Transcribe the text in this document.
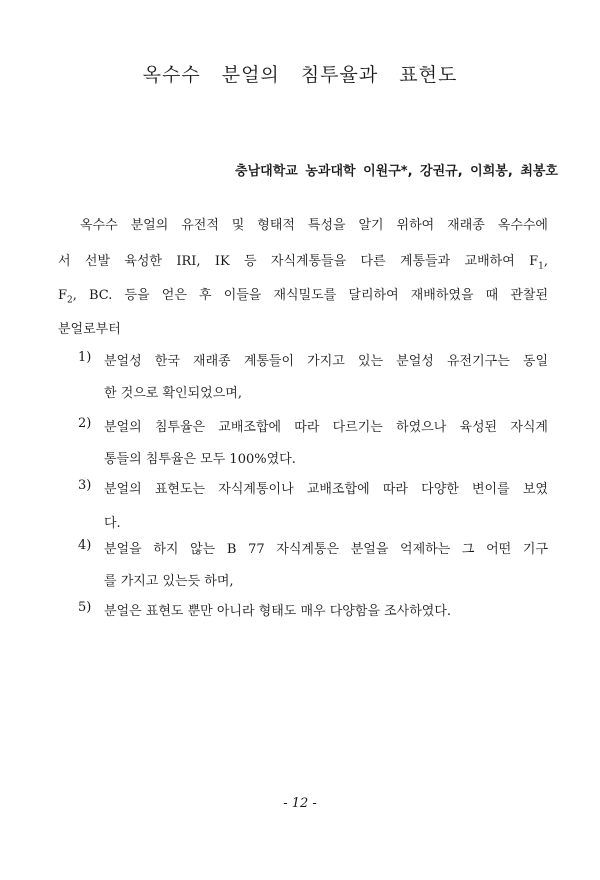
옥수수 분얼의 침투율과 표현도
충남대학교 농과대학 이원구*, 강권규, 이희봉, 최봉호
옥수수 분얼의 유전적 및 형태적 특성을 알기 위하여 재래종 옥수수에
서 선발 육성한 IRI, IK 등 자식계통들을 다른 계통들과 교배하여 $F_1$,
$F_2$, BC. 등을 얻은 후 이들을 재식밀도를 달리하여 재배하였을 때 관찰된
분얼로부터
1) 분얼성 한국 재래종 계통들이 가지고 있는 분얼성 유전기구는 동일
한 것으로 확인되었으며,
2) 분얼의 침투율은 교배조합에 따라 다르기는 하였으나 육성된 자식계
통들의 침투율은 모두 100%였다.
3) 분얼의 표현도는 자식계통이나 교배조합에 따라 다양한 변이를 보였
다.
4) 분얼을 하지 않는 B 77 자식계통은 분얼을 억제하는 그 어떤 기구
를 가지고 있는듯 하며,
5) 분얼은 표현도 뿐만 아니라 형태도 매우 다양함을 조사하였다.
- 12 -
